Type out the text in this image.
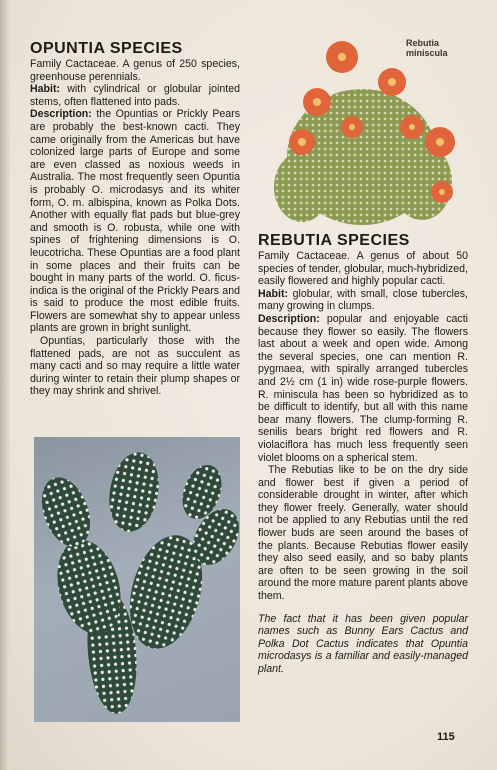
OPUNTIA SPECIES

Family Cactaceae. A genus of 250 species, greenhouse perennials.

Habit: with cylindrical or globular jointed stems, often flattened into pads.

Description: the Opuntias or Prickly Pears are probably the best-known cacti. They came originally from the Americas but have colonized large parts of Europe and some are even classed as noxious weeds in Australia. The most frequently seen Opuntia is probably O. microdasys and its whiter form, O. m. albispina, known as Polka Dots. Another with equally flat pads but blue-grey and smooth is O. robusta, while one with spines of frightening dimensions is O. leucotricha. These Opuntias are a food plant in some places and their fruits can be bought in many parts of the world. O. ficus-indica is the original of the Prickly Pears and is said to produce the most edible fruits. Flowers are somewhat shy to appear unless plants are grown in bright sunlight.

Opuntias, particularly those with the flattened pads, are not as succulent as many cacti and so may require a little water during winter to retain their plump shapes or they may shrink and shrivel.

Rebutia miniscula
REBUTIA SPECIES

Family Cactaceae. A genus of about 50 species of tender, globular, much-hybridized, easily flowered and highly popular cacti.

Habit: globular, with small, close tubercles, many growing in clumps.

Description: popular and enjoyable cacti because they flower so easily. The flowers last about a week and open wide. Among the several species, one can mention R. pygmaea, with spirally arranged tubercles and 2½ cm (1 in) wide rose-purple flowers. R. miniscula has been so hybridized as to be difficult to identify, but all with this name bear many flowers. The clump-forming R. senilis bears bright red flowers and R. violaciflora has much less frequently seen violet blooms on a spherical stem.

The Rebutias like to be on the dry side and flower best if given a period of considerable drought in winter, after which they flower freely. Generally, water should not be applied to any Rebutias until the red flower buds are seen around the bases of the plants. Because Rebutias flower easily they also seed easily, and so baby plants are often to be seen growing in the soil around the more mature parent plants above them.

The fact that it has been given popular names such as Bunny Ears Cactus and Polka Dot Cactus indicates that Opuntia microdasys is a familiar and easily-managed plant.

115
